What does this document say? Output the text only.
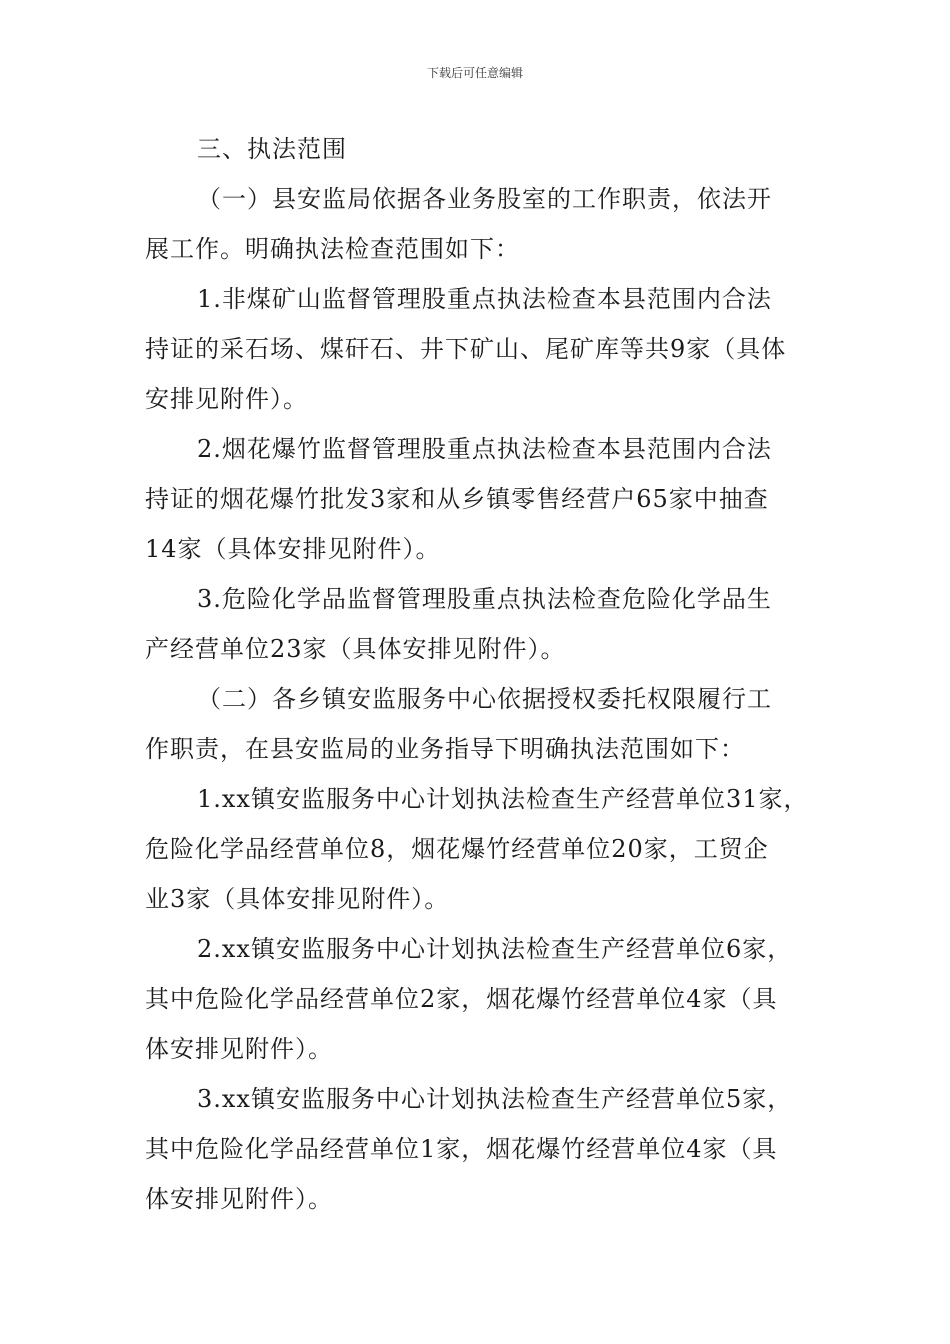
下载后可任意编辑

三、执法范围

（一）县安监局依据各业务股室的工作职责，依法开
展工作。明确执法检查范围如下：

1.非煤矿山监督管理股重点执法检查本县范围内合法
持证的采石场、煤矸石、井下矿山、尾矿库等共9家（具体
安排见附件）。

2.烟花爆竹监督管理股重点执法检查本县范围内合法
持证的烟花爆竹批发3家和从乡镇零售经营户65家中抽查
14家（具体安排见附件）。

3.危险化学品监督管理股重点执法检查危险化学品生
产经营单位23家（具体安排见附件）。

（二）各乡镇安监服务中心依据授权委托权限履行工
作职责，在县安监局的业务指导下明确执法范围如下：

1.xx镇安监服务中心计划执法检查生产经营单位31家，
危险化学品经营单位8，烟花爆竹经营单位20家，工贸企
业3家（具体安排见附件）。

2.xx镇安监服务中心计划执法检查生产经营单位6家，
其中危险化学品经营单位2家，烟花爆竹经营单位4家（具
体安排见附件）。

3.xx镇安监服务中心计划执法检查生产经营单位5家，
其中危险化学品经营单位1家，烟花爆竹经营单位4家（具
体安排见附件）。
